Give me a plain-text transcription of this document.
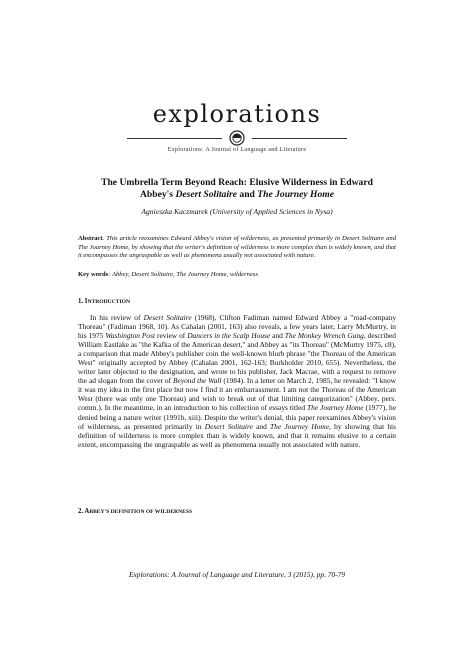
explorations
Explorations: A Journal of Language and Literature
The Umbrella Term Beyond Reach: Elusive Wilderness in Edward
Abbey's Desert Solitaire and The Journey Home
Agnieszka Kaczmarek (University of Applied Sciences in Nysa)
Abstract. This article reexamines Edward Abbey's vision of wilderness, as presented primarily in Desert Solitaire and The Journey Home, by showing that the writer's definition of wilderness is more complex than is widely known, and that it encompasses the ungraspable as well as phenomena usually not associated with nature.
Key words: Abbey, Desert Solitaire, The Journey Home, wilderness
1. INTRODUCTION

In his review of Desert Solitaire (1968), Clifton Fadiman named Edward Abbey a "road-company Thoreau" (Fadiman 1968, 10). As Cahalan (2001, 163) also reveals, a few years later, Larry McMurtry, in his 1975 Washington Post review of Dancers in the Scalp House and The Monkey Wrench Gang, described William Eastlake as "the Kafka of the American desert," and Abbey as "its Thoreau" (McMurtry 1975, c8), a comparison that made Abbey's publisher coin the well-known blurb phrase "the Thoreau of the American West" originally accepted by Abbey (Cahalan 2001, 162-163; Burkholder 2010, 655). Nevertheless, the writer later objected to the designation, and wrote to his publisher, Jack Macrae, with a request to remove the ad slogan from the cover of Beyond the Wall (1984). In a letter on March 2, 1985, he revealed: "I know it was my idea in the first place but now I find it an embarrassment. I am not the Thoreau of the American West (there was only one Thoreau) and wish to break out of that limiting categorization" (Abbey, pers. comm.). In the meantime, in an introduction to his collection of essays titled The Journey Home (1977), he denied being a nature writer (1991b, xiii). Despite the writer's denial, this paper reexamines Abbey's vision of wilderness, as presented primarily in Desert Solitaire and The Journey Home, by showing that his definition of wilderness is more complex than is widely known, and that it remains elusive to a certain extent, encompassing the ungraspable as well as phenomena usually not associated with nature.

2. ABBEY'S DEFINITION OF WILDERNESS
Explorations: A Journal of Language and Literature, 3 (2015), pp. 70-79
